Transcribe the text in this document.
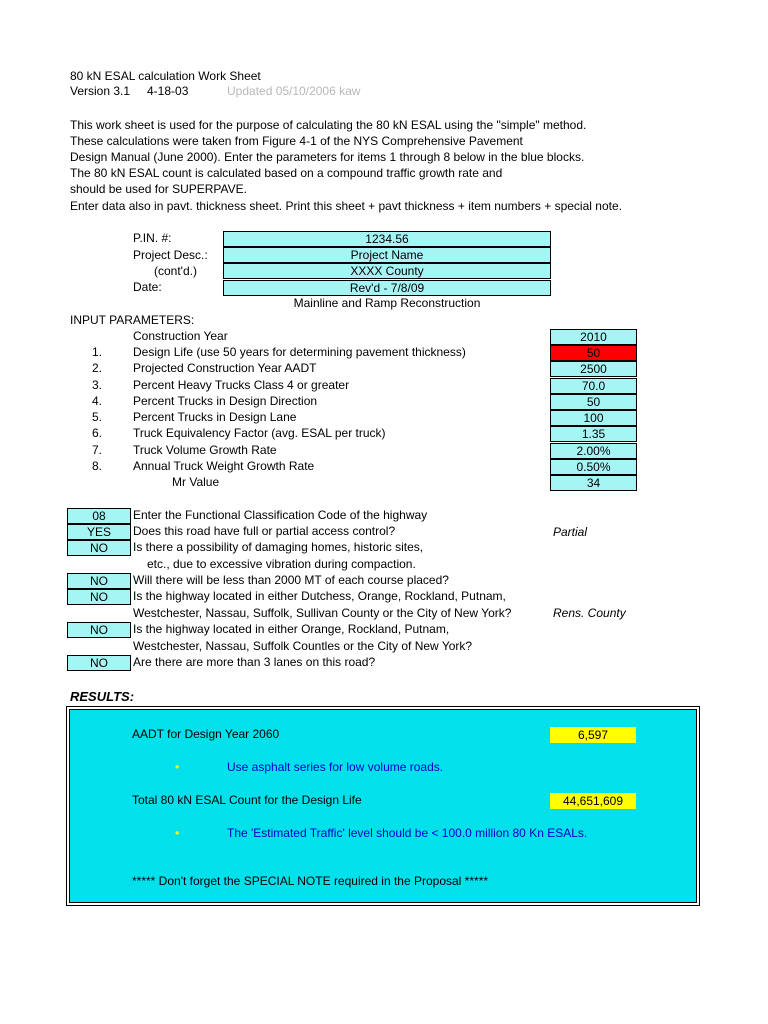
80 kN ESAL calculation Work Sheet
Version 3.1 4-18-03	Updated 05/10/2006 kaw
This work sheet is used for the purpose of calculating the 80 kN ESAL using the "simple" method.
These calculations were taken from Figure 4-1 of the NYS Comprehensive Pavement
Design Manual (June 2000). Enter the parameters for items 1 through 8 below in the blue blocks.
The 80 kN ESAL count is calculated based on a compound traffic growth rate and
should be used for SUPERPAVE.
Enter data also in pavt. thickness sheet. Print this sheet + pavt thickness + item numbers + special note.
P.IN. #:	1234.56
Project Desc.:	Project Name
(cont'd.)	XXXX County
Date:	Rev'd - 7/8/09
Mainline and Ramp Reconstruction
INPUT PARAMETERS:
Construction Year	2010
1.	Design Life (use 50 years for determining pavement thickness)	50
2.	Projected Construction Year AADT	2500
3.	Percent Heavy Trucks Class 4 or greater	70.0
4.	Percent Trucks in Design Direction	50
5.	Percent Trucks in Design Lane	100
6.	Truck Equivalency Factor (avg. ESAL per truck)	1.35
7.	Truck Volume Growth Rate	2.00%
8.	Annual Truck Weight Growth Rate	0.50%
Mr Value	34
08	Enter the Functional Classification Code of the highway
YES	Does this road have full or partial access control?	Partial
NO	Is there a possibility of damaging homes, historic sites,
etc., due to excessive vibration during compaction.
NO	Will there will be less than 2000 MT of each course placed?
NO	Is the highway located in either Dutchess, Orange, Rockland, Putnam,
Westchester, Nassau, Suffolk, Sullivan County or the City of New York?	Rens. County
NO	Is the highway located in either Orange, Rockland, Putnam,
Westchester, Nassau, Suffolk Countles or the City of New York?
NO	Are there are more than 3 lanes on this road?
RESULTS:
AADT for Design Year 2060	6,597
•	Use asphalt series for low volume roads.
Total 80 kN ESAL Count for the Design Life	44,651,609
•	The 'Estimated Traffic' level should be < 100.0 million 80 Kn ESALs.
***** Don't forget the SPECIAL NOTE required in the Proposal *****
